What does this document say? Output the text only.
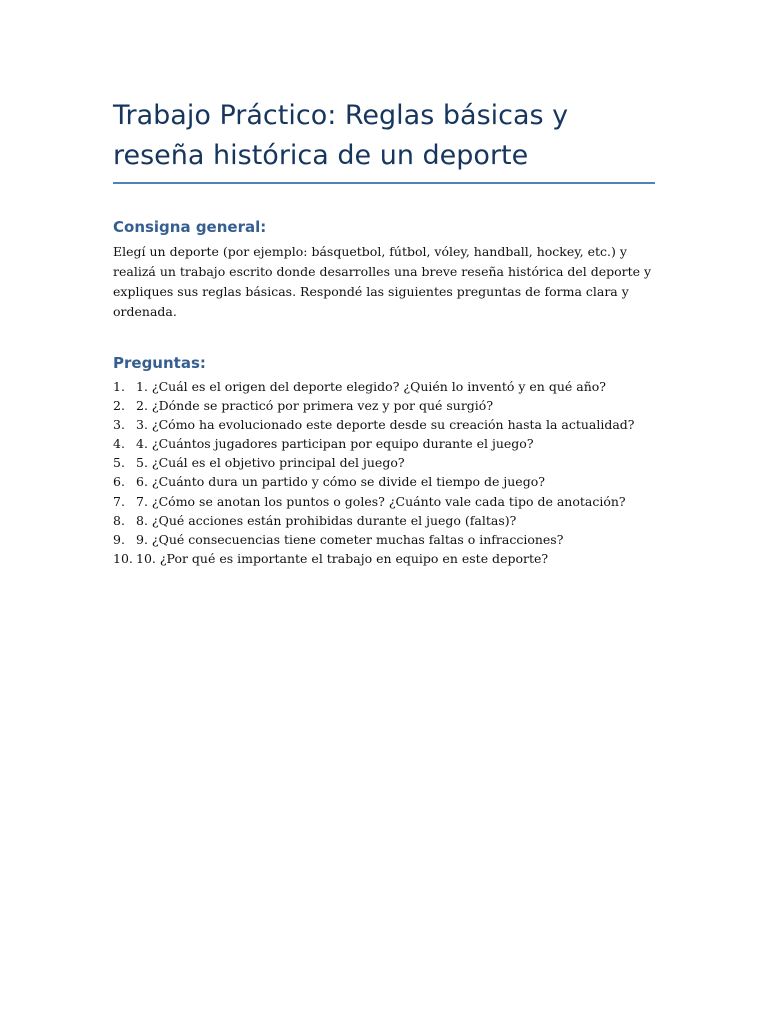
Trabajo Práctico: Reglas básicas y reseña histórica de un deporte
Consigna general:

Elegí un deporte (por ejemplo: básquetbol, fútbol, vóley, handball, hockey, etc.) y realizá un trabajo escrito donde desarrolles una breve reseña histórica del deporte y expliques sus reglas básicas. Respondé las siguientes preguntas de forma clara y ordenada.

Preguntas:
1. 1. ¿Cuál es el origen del deporte elegido? ¿Quién lo inventó y en qué año?
2. 2. ¿Dónde se practicó por primera vez y por qué surgió?
3. 3. ¿Cómo ha evolucionado este deporte desde su creación hasta la actualidad?
4. 4. ¿Cuántos jugadores participan por equipo durante el juego?
5. 5. ¿Cuál es el objetivo principal del juego?
6. 6. ¿Cuánto dura un partido y cómo se divide el tiempo de juego?
7. 7. ¿Cómo se anotan los puntos o goles? ¿Cuánto vale cada tipo de anotación?
8. 8. ¿Qué acciones están prohibidas durante el juego (faltas)?
9. 9. ¿Qué consecuencias tiene cometer muchas faltas o infracciones?
10. 10. ¿Por qué es importante el trabajo en equipo en este deporte?
